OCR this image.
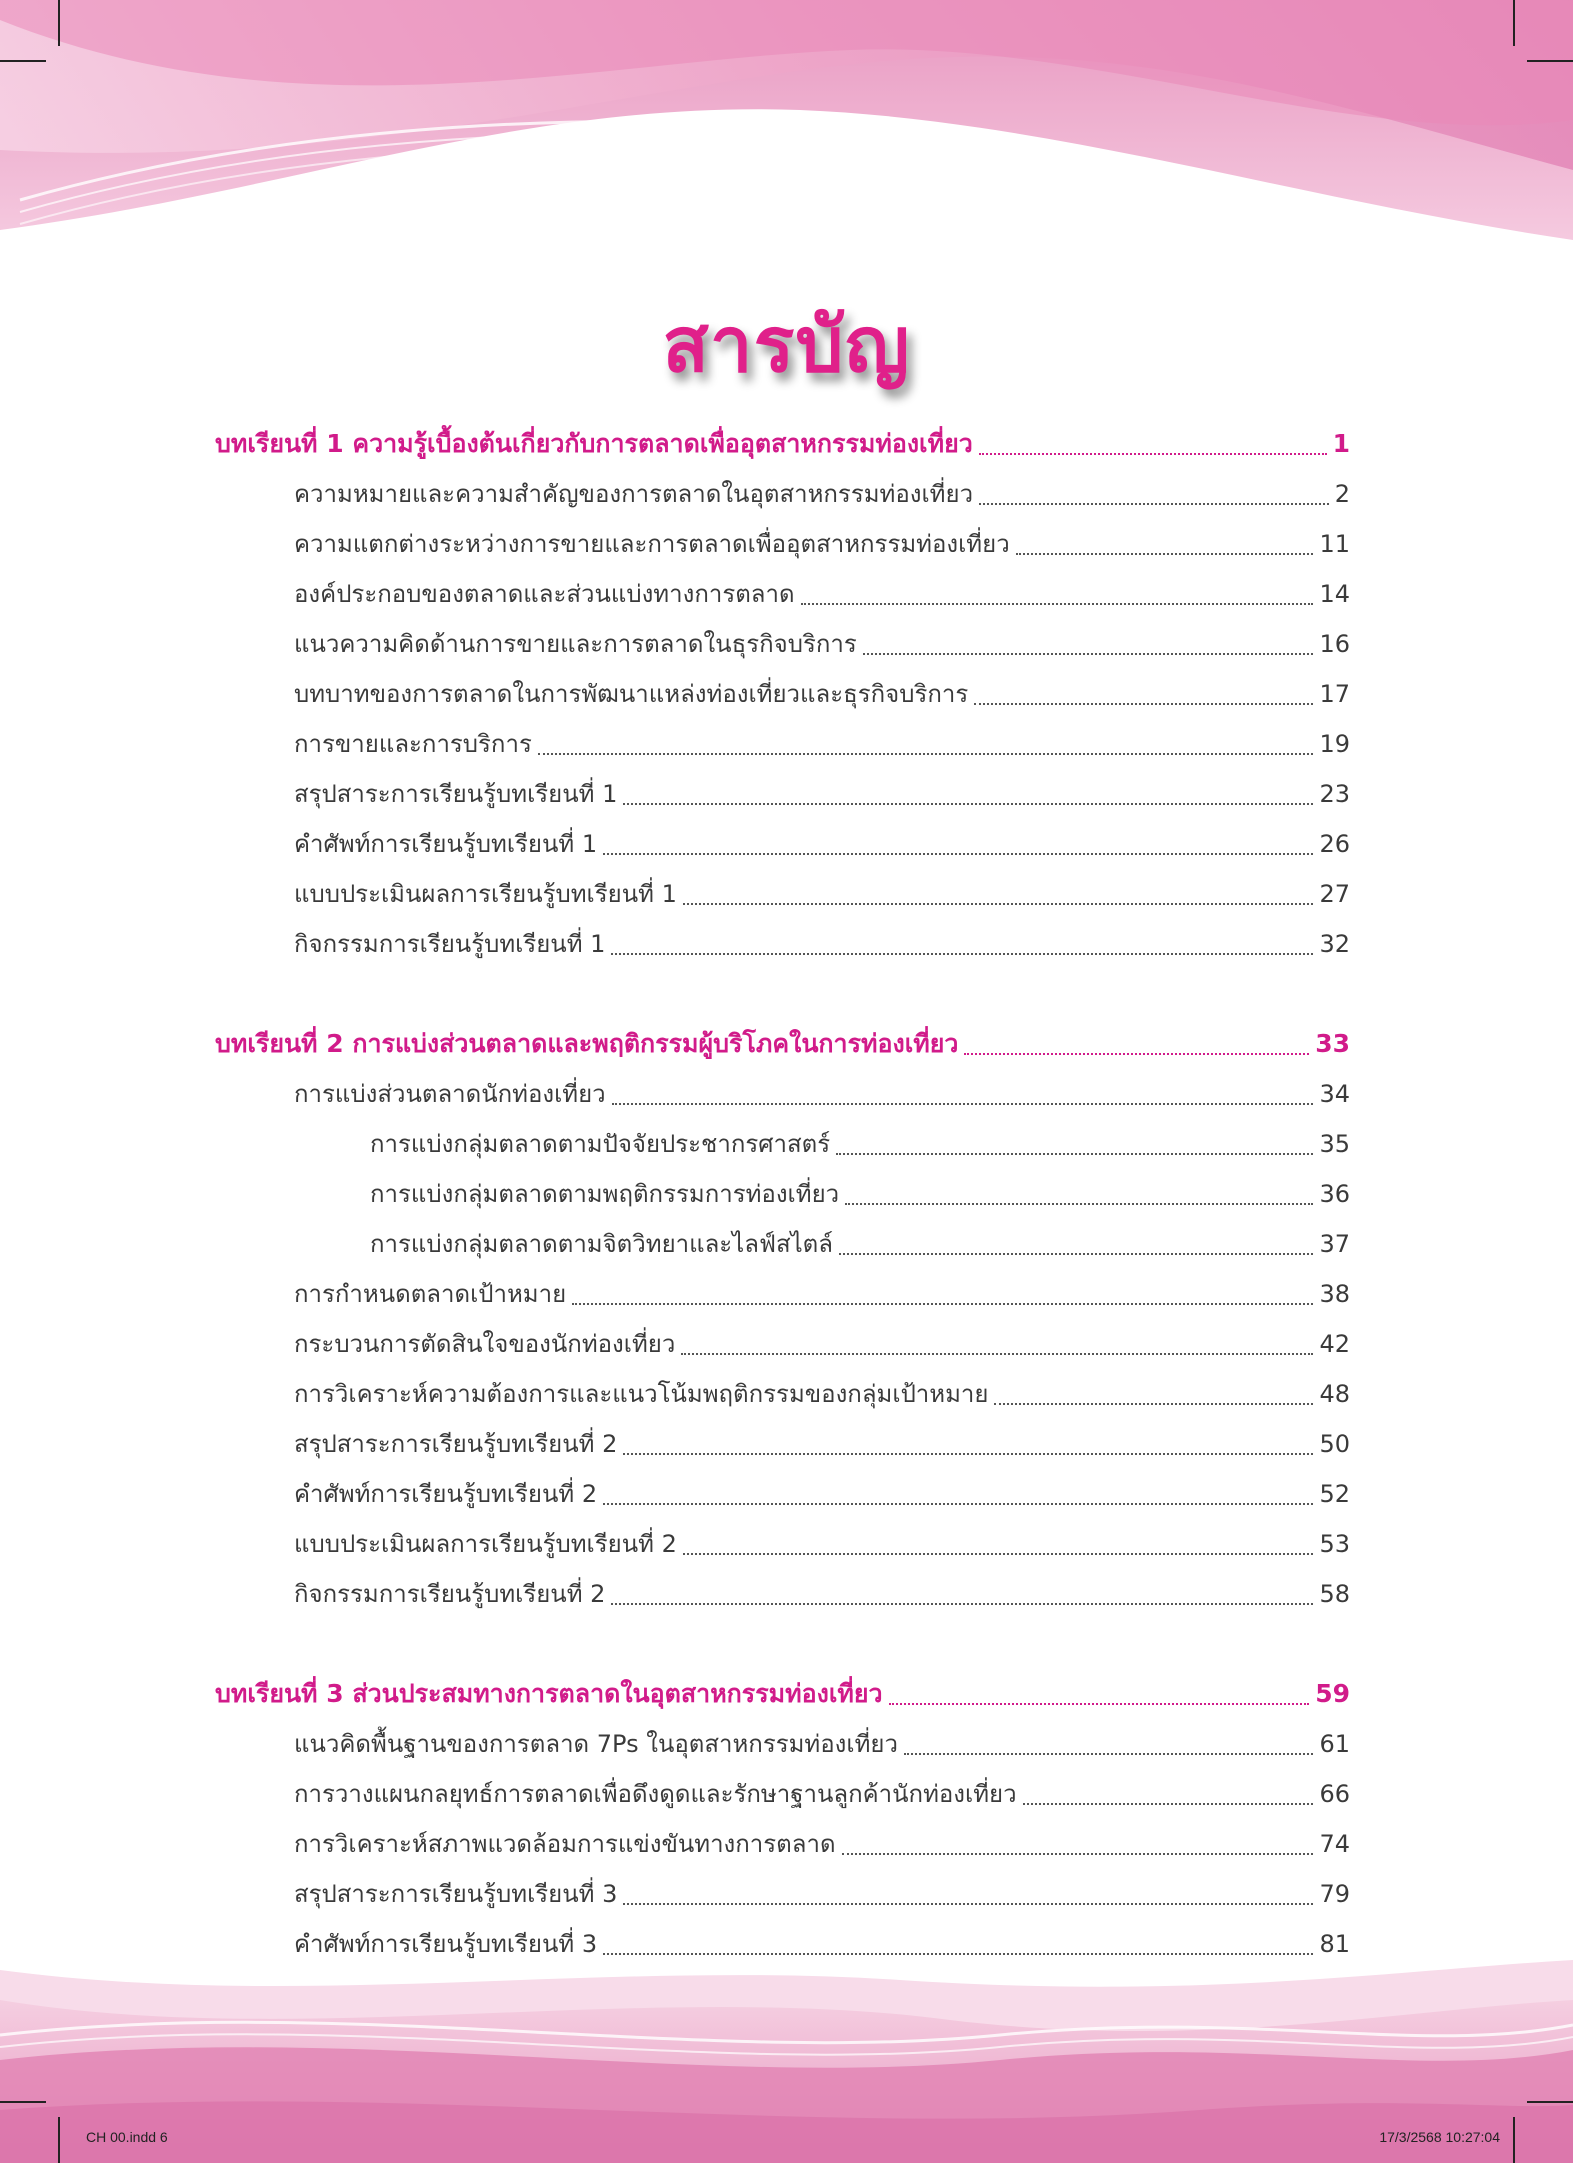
สารบัญ
บทเรียนที่ 1 ความรู้เบื้องต้นเกี่ยวกับการตลาดเพื่ออุตสาหกรรมท่องเที่ยว	1
ความหมายและความสำคัญของการตลาดในอุตสาหกรรมท่องเที่ยว	2
ความแตกต่างระหว่างการขายและการตลาดเพื่ออุตสาหกรรมท่องเที่ยว	11
องค์ประกอบของตลาดและส่วนแบ่งทางการตลาด	14
แนวความคิดด้านการขายและการตลาดในธุรกิจบริการ	16
บทบาทของการตลาดในการพัฒนาแหล่งท่องเที่ยวและธุรกิจบริการ	17
การขายและการบริการ	19
สรุปสาระการเรียนรู้บทเรียนที่ 1	23
คำศัพท์การเรียนรู้บทเรียนที่ 1	26
แบบประเมินผลการเรียนรู้บทเรียนที่ 1	27
กิจกรรมการเรียนรู้บทเรียนที่ 1	32
บทเรียนที่ 2 การแบ่งส่วนตลาดและพฤติกรรมผู้บริโภคในการท่องเที่ยว	33
การแบ่งส่วนตลาดนักท่องเที่ยว	34
การแบ่งกลุ่มตลาดตามปัจจัยประชากรศาสตร์	35
การแบ่งกลุ่มตลาดตามพฤติกรรมการท่องเที่ยว	36
การแบ่งกลุ่มตลาดตามจิตวิทยาและไลฟ์สไตล์	37
การกำหนดตลาดเป้าหมาย	38
กระบวนการตัดสินใจของนักท่องเที่ยว	42
การวิเคราะห์ความต้องการและแนวโน้มพฤติกรรมของกลุ่มเป้าหมาย	48
สรุปสาระการเรียนรู้บทเรียนที่ 2	50
คำศัพท์การเรียนรู้บทเรียนที่ 2	52
แบบประเมินผลการเรียนรู้บทเรียนที่ 2	53
กิจกรรมการเรียนรู้บทเรียนที่ 2	58
บทเรียนที่ 3 ส่วนประสมทางการตลาดในอุตสาหกรรมท่องเที่ยว	59
แนวคิดพื้นฐานของการตลาด 7Ps ในอุตสาหกรรมท่องเที่ยว	61
การวางแผนกลยุทธ์การตลาดเพื่อดึงดูดและรักษาฐานลูกค้านักท่องเที่ยว	66
การวิเคราะห์สภาพแวดล้อมการแข่งขันทางการตลาด	74
สรุปสาระการเรียนรู้บทเรียนที่ 3	79
คำศัพท์การเรียนรู้บทเรียนที่ 3	81
CH 00.indd 6	17/3/2568 10:27:04
